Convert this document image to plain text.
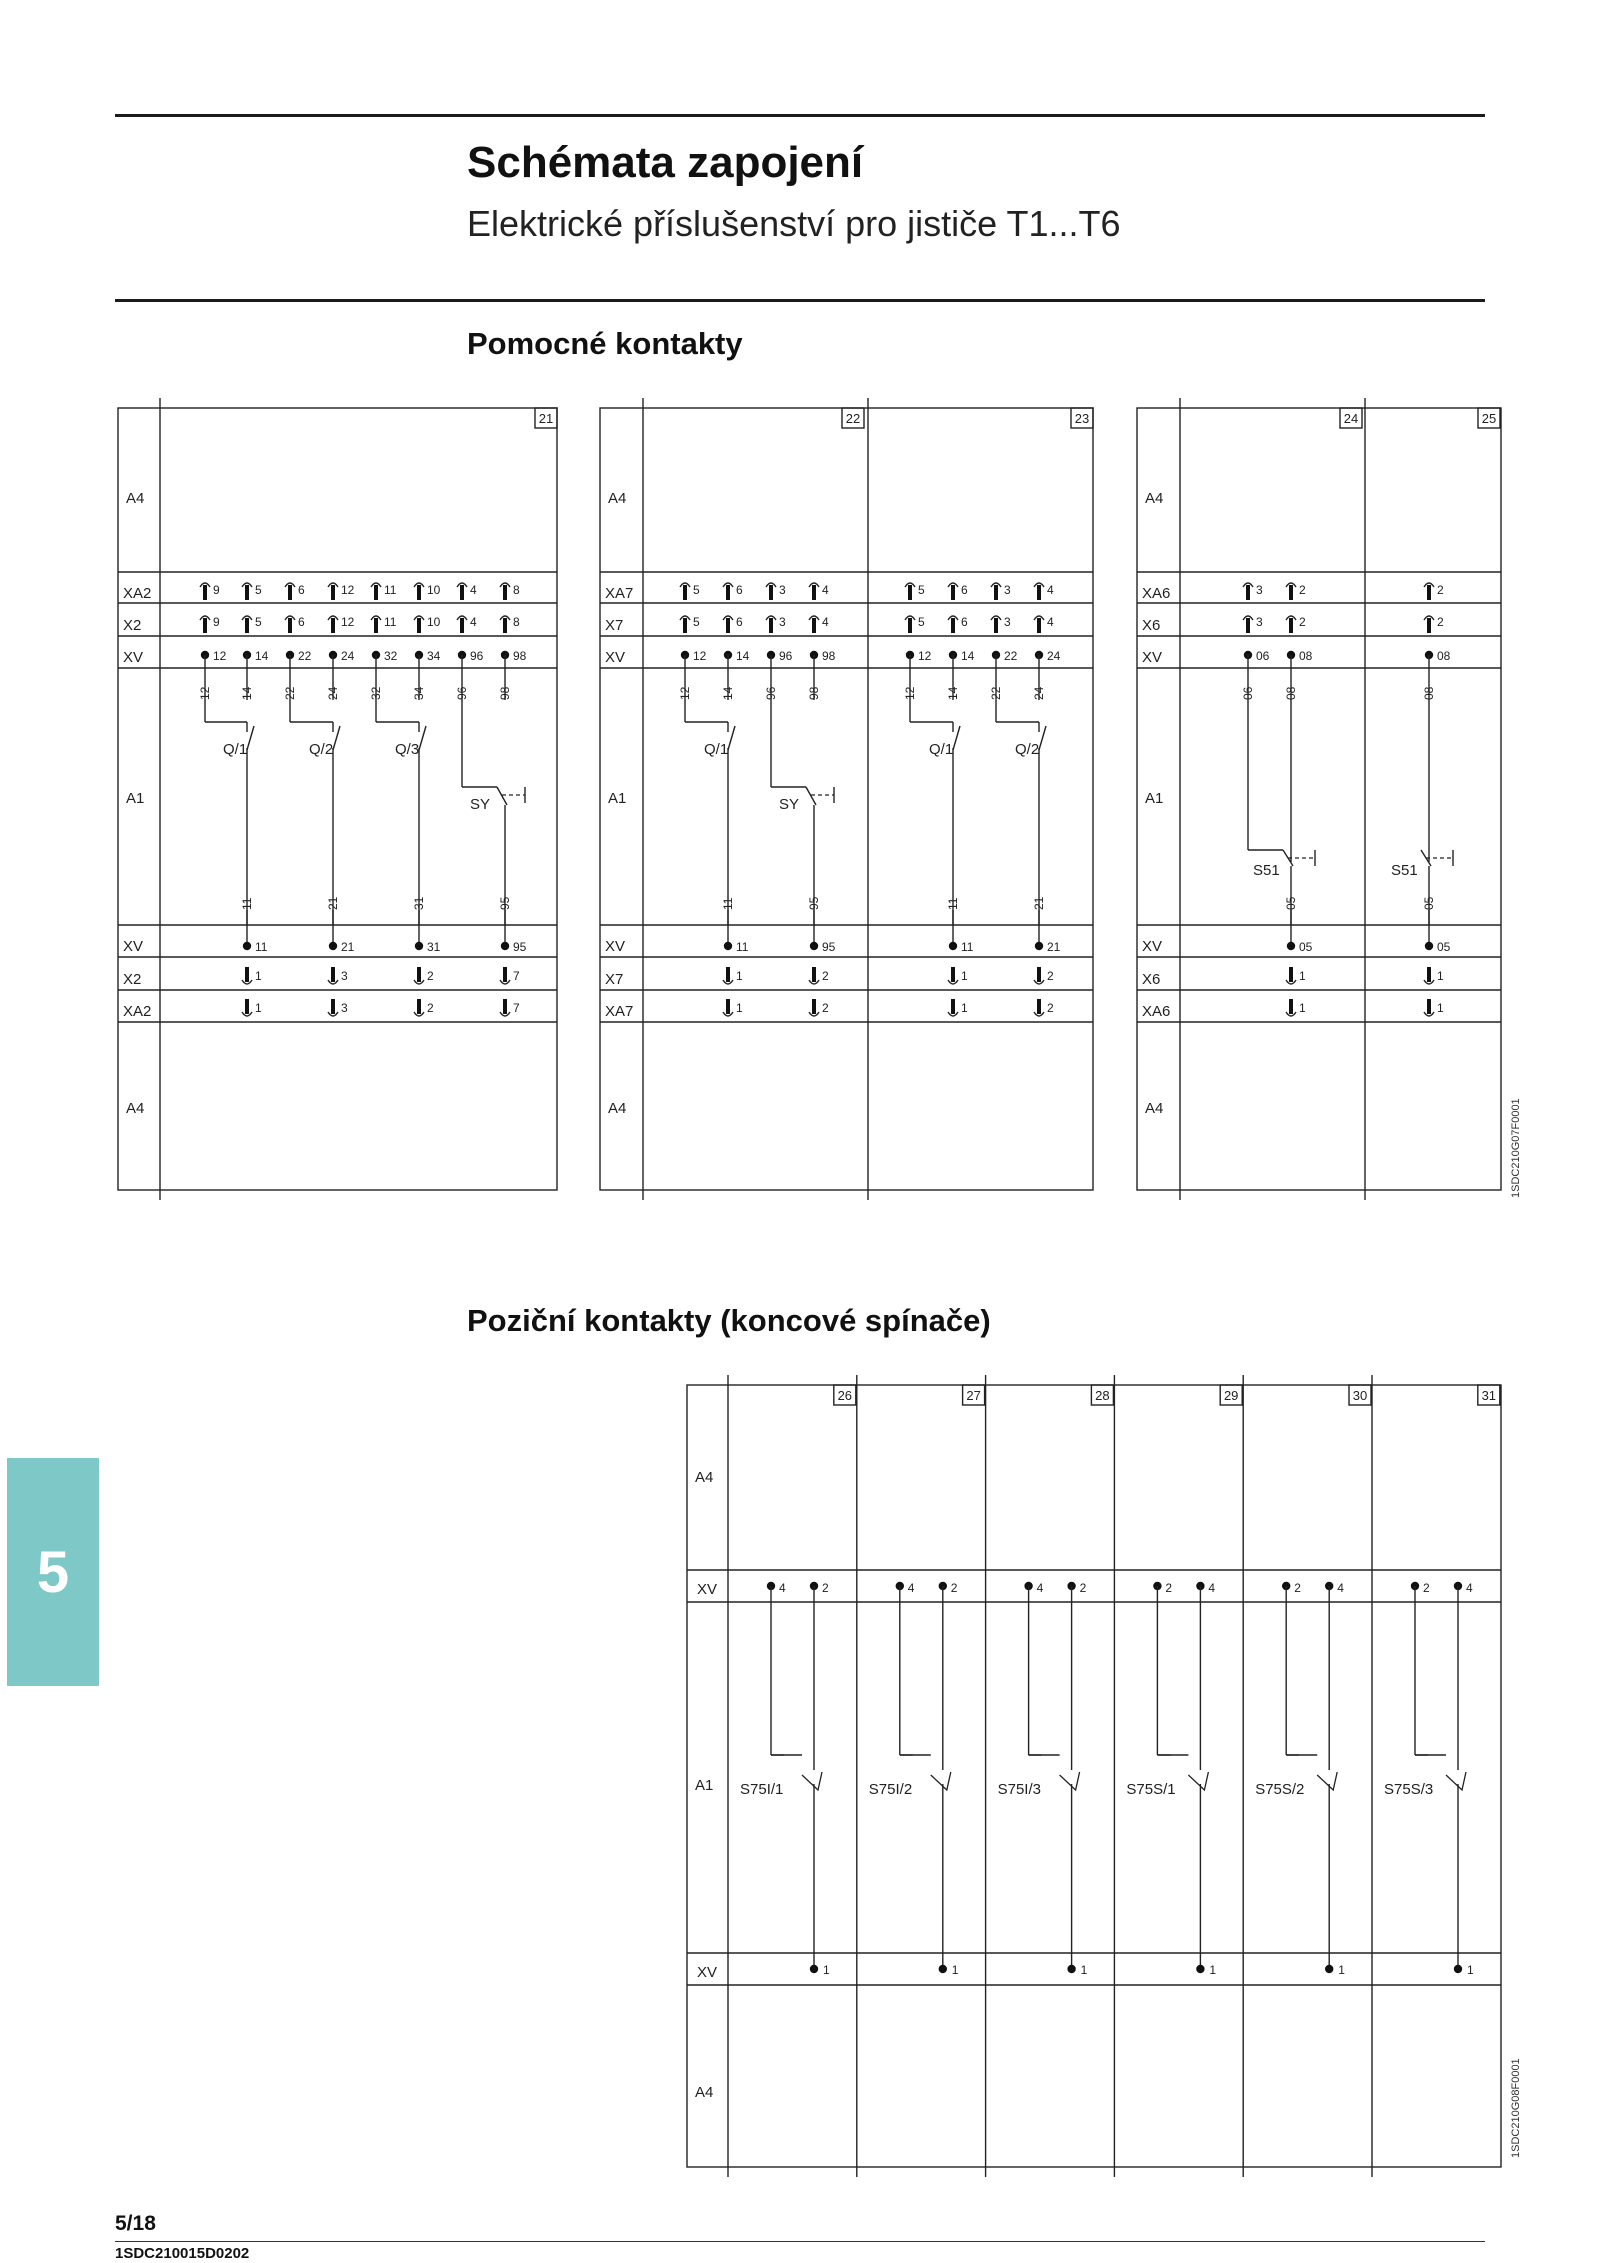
Schémata zapojení
Elektrické příslušenství pro jističe T1...T6
Pomocné kontakty
Poziční kontakty (koncové spínače)
A4
A1
A4
XA2
X2
XV
XV
X2
XA2
21
9
9
12
12
5
5
14
14
6
6
22
22
12
12
24
24
11
11
32
32
10
10
34
34
4
4
96
96
8
8
98
98
Q/1	Q/2	Q/3
SY
11
11
1
1
21
21
3
3
31
31
2
2
95
95
7
7
A4
A1
A4
XA7
X7
XV
XV
X7
XA7
22	23
5
5
12
12
6
6
14
14
3
3
96
96
4
4
98
98
5
5
12
12
6
6
14
14
3
3
22
22
4
4
24
24
Q/1
SY
Q/1	Q/2
11
11
1
1
95
95
2
2
11
11
1
1
21
21
2
2
A4
A1
A4
XA6
X6
XV
XV
X6
XA6
24	25
3
3
06
06
2
2
08
08
2
2
08
08
S51	S51
05
05
1
1
05
05
1
1
A4
A1
A4
XV
XV
26
4	2
S75I/1
1
27
4	2
S75I/2
1
28
4	2
S75I/3
1
29
2	4
S75S/1
1
30
2	4
S75S/2
1
31
2	4
S75S/3
1
1SDC210G07F0001
1SDC210G08F0001
5
5/18
1SDC210015D0202
